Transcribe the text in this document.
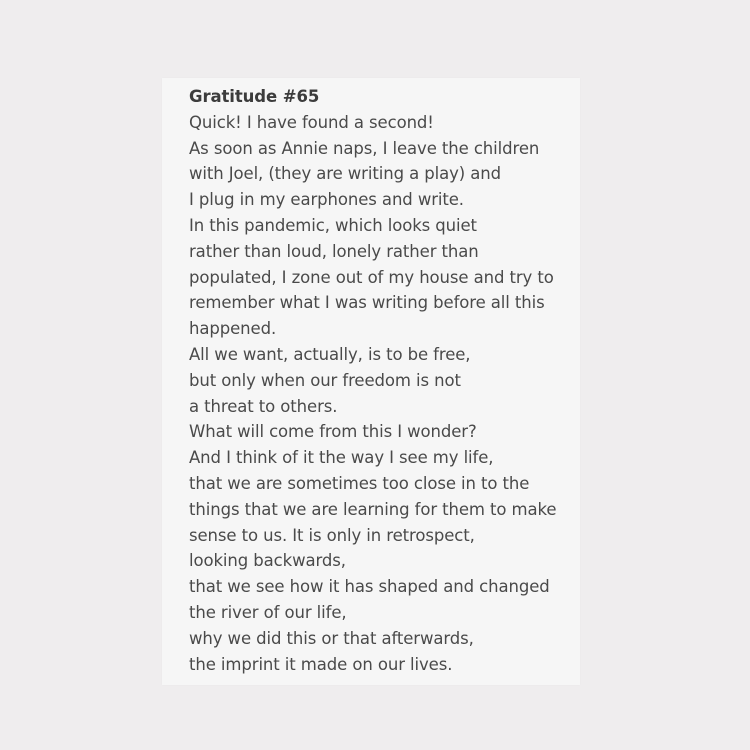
Gratitude #65
Quick! I have found a second!
As soon as Annie naps, I leave the children
with Joel, (they are writing a play) and
I plug in my earphones and write.
In this pandemic, which looks quiet
rather than loud, lonely rather than
populated, I zone out of my house and try to
remember what I was writing before all this
happened.
All we want, actually, is to be free,
but only when our freedom is not
a threat to others.
What will come from this I wonder?
And I think of it the way I see my life,
that we are sometimes too close in to the
things that we are learning for them to make
sense to us. It is only in retrospect,
looking backwards,
that we see how it has shaped and changed
the river of our life,
why we did this or that afterwards,
the imprint it made on our lives.
